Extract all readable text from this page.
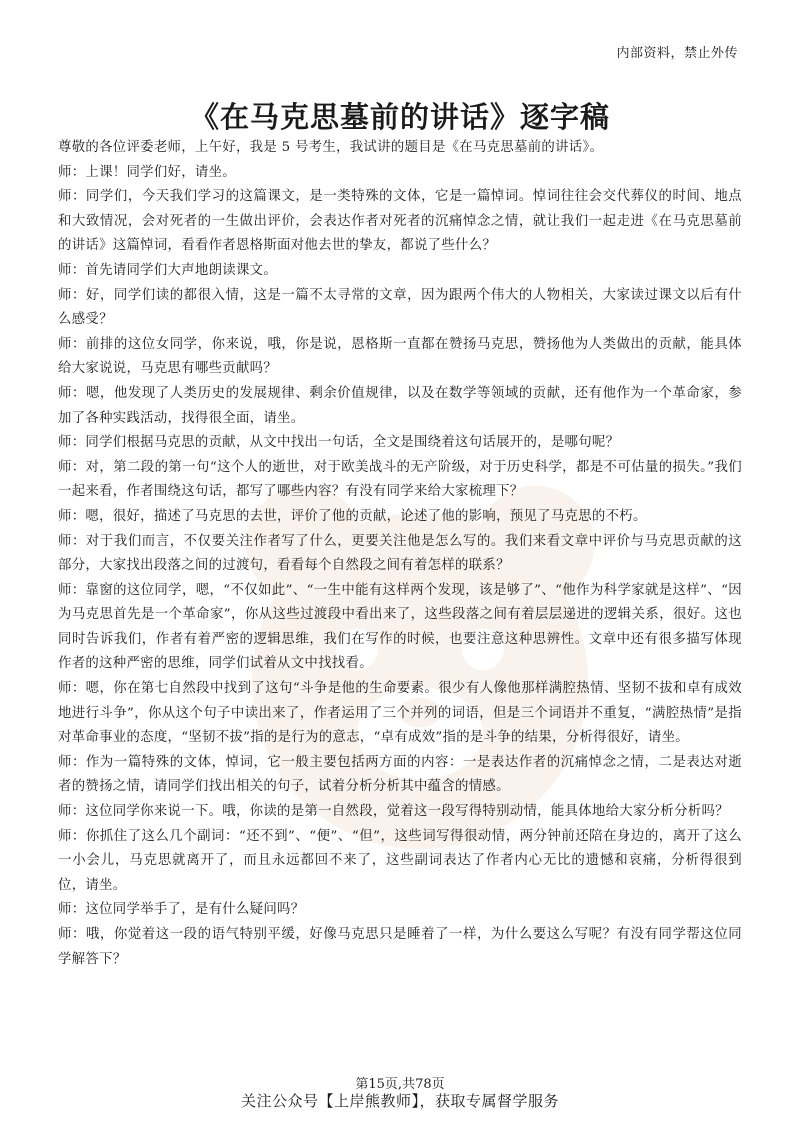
内部资料，禁止外传
《在马克思墓前的讲话》逐字稿

尊敬的各位评委老师，上午好，我是 5 号考生，我试讲的题目是《在马克思墓前的讲话》。

师：上课！同学们好，请坐。

师：同学们，今天我们学习的这篇课文，是一类特殊的文体，它是一篇悼词。悼词往往会交代葬仪的时间、地点和大致情况，会对死者的一生做出评价，会表达作者对死者的沉痛悼念之情，就让我们一起走进《在马克思墓前的讲话》这篇悼词，看看作者恩格斯面对他去世的挚友，都说了些什么？

师：首先请同学们大声地朗读课文。

师：好，同学们读的都很入情，这是一篇不太寻常的文章，因为跟两个伟大的人物相关，大家读过课文以后有什么感受？

师：前排的这位女同学，你来说，哦，你是说，恩格斯一直都在赞扬马克思，赞扬他为人类做出的贡献，能具体给大家说说，马克思有哪些贡献吗？

师：嗯，他发现了人类历史的发展规律、剩余价值规律，以及在数学等领域的贡献，还有他作为一个革命家，参加了各种实践活动，找得很全面，请坐。

师：同学们根据马克思的贡献，从文中找出一句话，全文是围绕着这句话展开的，是哪句呢？

师：对，第二段的第一句“这个人的逝世，对于欧美战斗的无产阶级，对于历史科学，都是不可估量的损失。”我们一起来看，作者围绕这句话，都写了哪些内容？有没有同学来给大家梳理下？

师：嗯，很好，描述了马克思的去世，评价了他的贡献，论述了他的影响，预见了马克思的不朽。

师：对于我们而言，不仅要关注作者写了什么，更要关注他是怎么写的。我们来看文章中评价与马克思贡献的这部分，大家找出段落之间的过渡句，看看每个自然段之间有着怎样的联系？

师：靠窗的这位同学，嗯，“不仅如此”、“一生中能有这样两个发现，该是够了”、“他作为科学家就是这样”、“因为马克思首先是一个革命家”，你从这些过渡段中看出来了，这些段落之间有着层层递进的逻辑关系，很好。这也同时告诉我们，作者有着严密的逻辑思维，我们在写作的时候，也要注意这种思辨性。文章中还有很多描写体现作者的这种严密的思维，同学们试着从文中找找看。

师：嗯，你在第七自然段中找到了这句“斗争是他的生命要素。很少有人像他那样满腔热情、坚韧不拔和卓有成效地进行斗争”，你从这个句子中读出来了，作者运用了三个并列的词语，但是三个词语并不重复，“满腔热情”是指对革命事业的态度，“坚韧不拔”指的是行为的意志，“卓有成效”指的是斗争的结果，分析得很好，请坐。

师：作为一篇特殊的文体，悼词，它一般主要包括两方面的内容：一是表达作者的沉痛悼念之情，二是表达对逝者的赞扬之情，请同学们找出相关的句子，试着分析分析其中蕴含的情感。

师：这位同学你来说一下。哦，你读的是第一自然段，觉着这一段写得特别动情，能具体地给大家分析分析吗？

师：你抓住了这么几个副词：“还不到”、“便”、“但”，这些词写得很动情，两分钟前还陪在身边的，离开了这么一小会儿，马克思就离开了，而且永远都回不来了，这些副词表达了作者内心无比的遗憾和哀痛，分析得很到位，请坐。

师：这位同学举手了，是有什么疑问吗？

师：哦，你觉着这一段的语气特别平缓，好像马克思只是睡着了一样，为什么要这么写呢？有没有同学帮这位同学解答下？

第15页,共78页
关注公众号【上岸熊教师】，获取专属督学服务
